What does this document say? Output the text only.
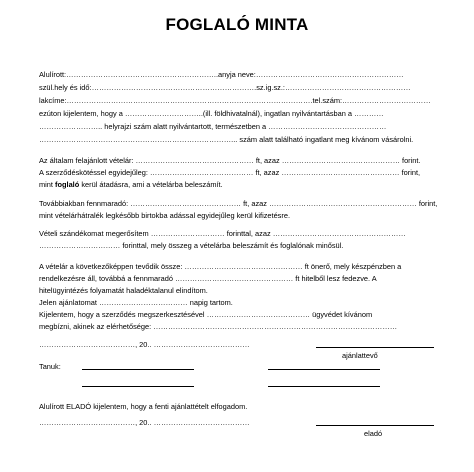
FOGLALÓ MINTA

Alulírott:……………………………………………………..anyja neve:……………………………………………………

szül.hely és idő:………………………………………………………….sz.ig.sz.:……………………………………………

lakcíme:……………………………………………………………………………………….tel.szám:………………………………

ezúton kijelentem, hogy a …………………………..(ill. földhivatalnál), ingatlan nyilvántartásban a …………

…………………….. helyrajzi szám alatt nyilvántartott, természetben a …………………………………………

……………………………………………………………………... szám alatt található ingatlant meg kívánom vásárolni.

Az általam felajánlott vételár: ………………………………………… ft, azaz ………………………………………… forint.

A szerződéskötéssel egyidejűleg: …………………………………… ft, azaz ………………………………………… forint,

mint foglaló kerül átadásra, ami a vételárba beleszámít.

Továbbiakban fennmaradó: ……………………………………… ft, azaz …………………………………………………… forint,

mint vételárhátralék legkésőbb birtokba adással egyidejűleg kerül kifizetésre.

Vételi szándékomat megerősítem ………………………… forinttal, azaz ………………………………………………

…………………………… forinttal, mely összeg a vételárba beleszámít és foglalónak minősül.

A vételár a következőképpen tevődik össze: ………………………………………… ft önerő, mely készpénzben a

rendelkezésre áll, továbbá a fennmaradó ………………………………………… ft hitelből lesz fedezve. A

hitelügyintézés folyamatát haladéktalanul elindítom.

Jelen ajánlatomat ……………………………… napig tartom.

Kijelentem, hogy a szerződés megszerkesztésével …………………………………… ügyvédet kívánom

megbízni, akinek az elérhetősége: ………………………………………………………………………………………

…………………………………, 20.. …………………………………

ajánlattevő

Tanuk:

Alulírott ELADÓ kijelentem, hogy a fenti ajánlattételt elfogadom.

…………………………………, 20.. …………………………………

eladó
